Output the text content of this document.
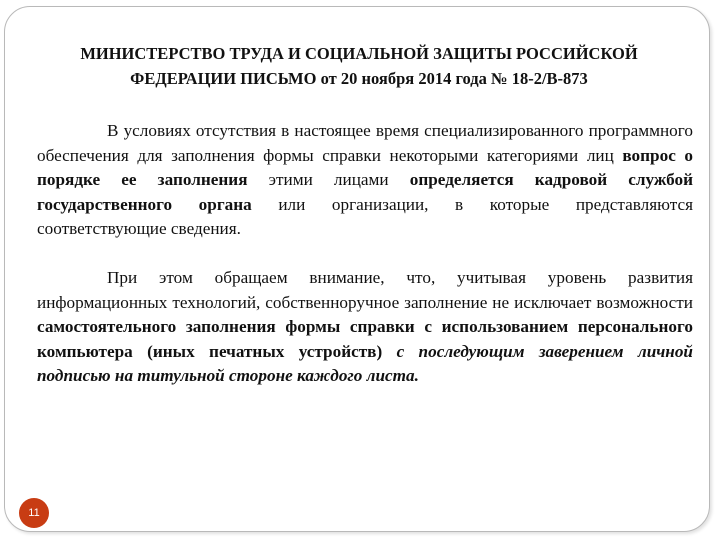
МИНИСТЕРСТВО ТРУДА И СОЦИАЛЬНОЙ ЗАЩИТЫ РОССИЙСКОЙ
ФЕДЕРАЦИИ ПИСЬМО от 20 ноября 2014 года № 18-2/В-873

В условиях отсутствия в настоящее время специализированного программного обеспечения для заполнения формы справки некоторыми категориями лиц вопрос о порядке ее заполнения этими лицами определяется кадровой службой государственного органа или организации, в которые представляются соответствующие сведения.

При этом обращаем внимание, что, учитывая уровень развития информационных технологий, собственноручное заполнение не исключает возможности самостоятельного заполнения формы справки с использованием персонального компьютера (иных печатных устройств) с последующим заверением личной подписью на титульной стороне каждого листа.

11
